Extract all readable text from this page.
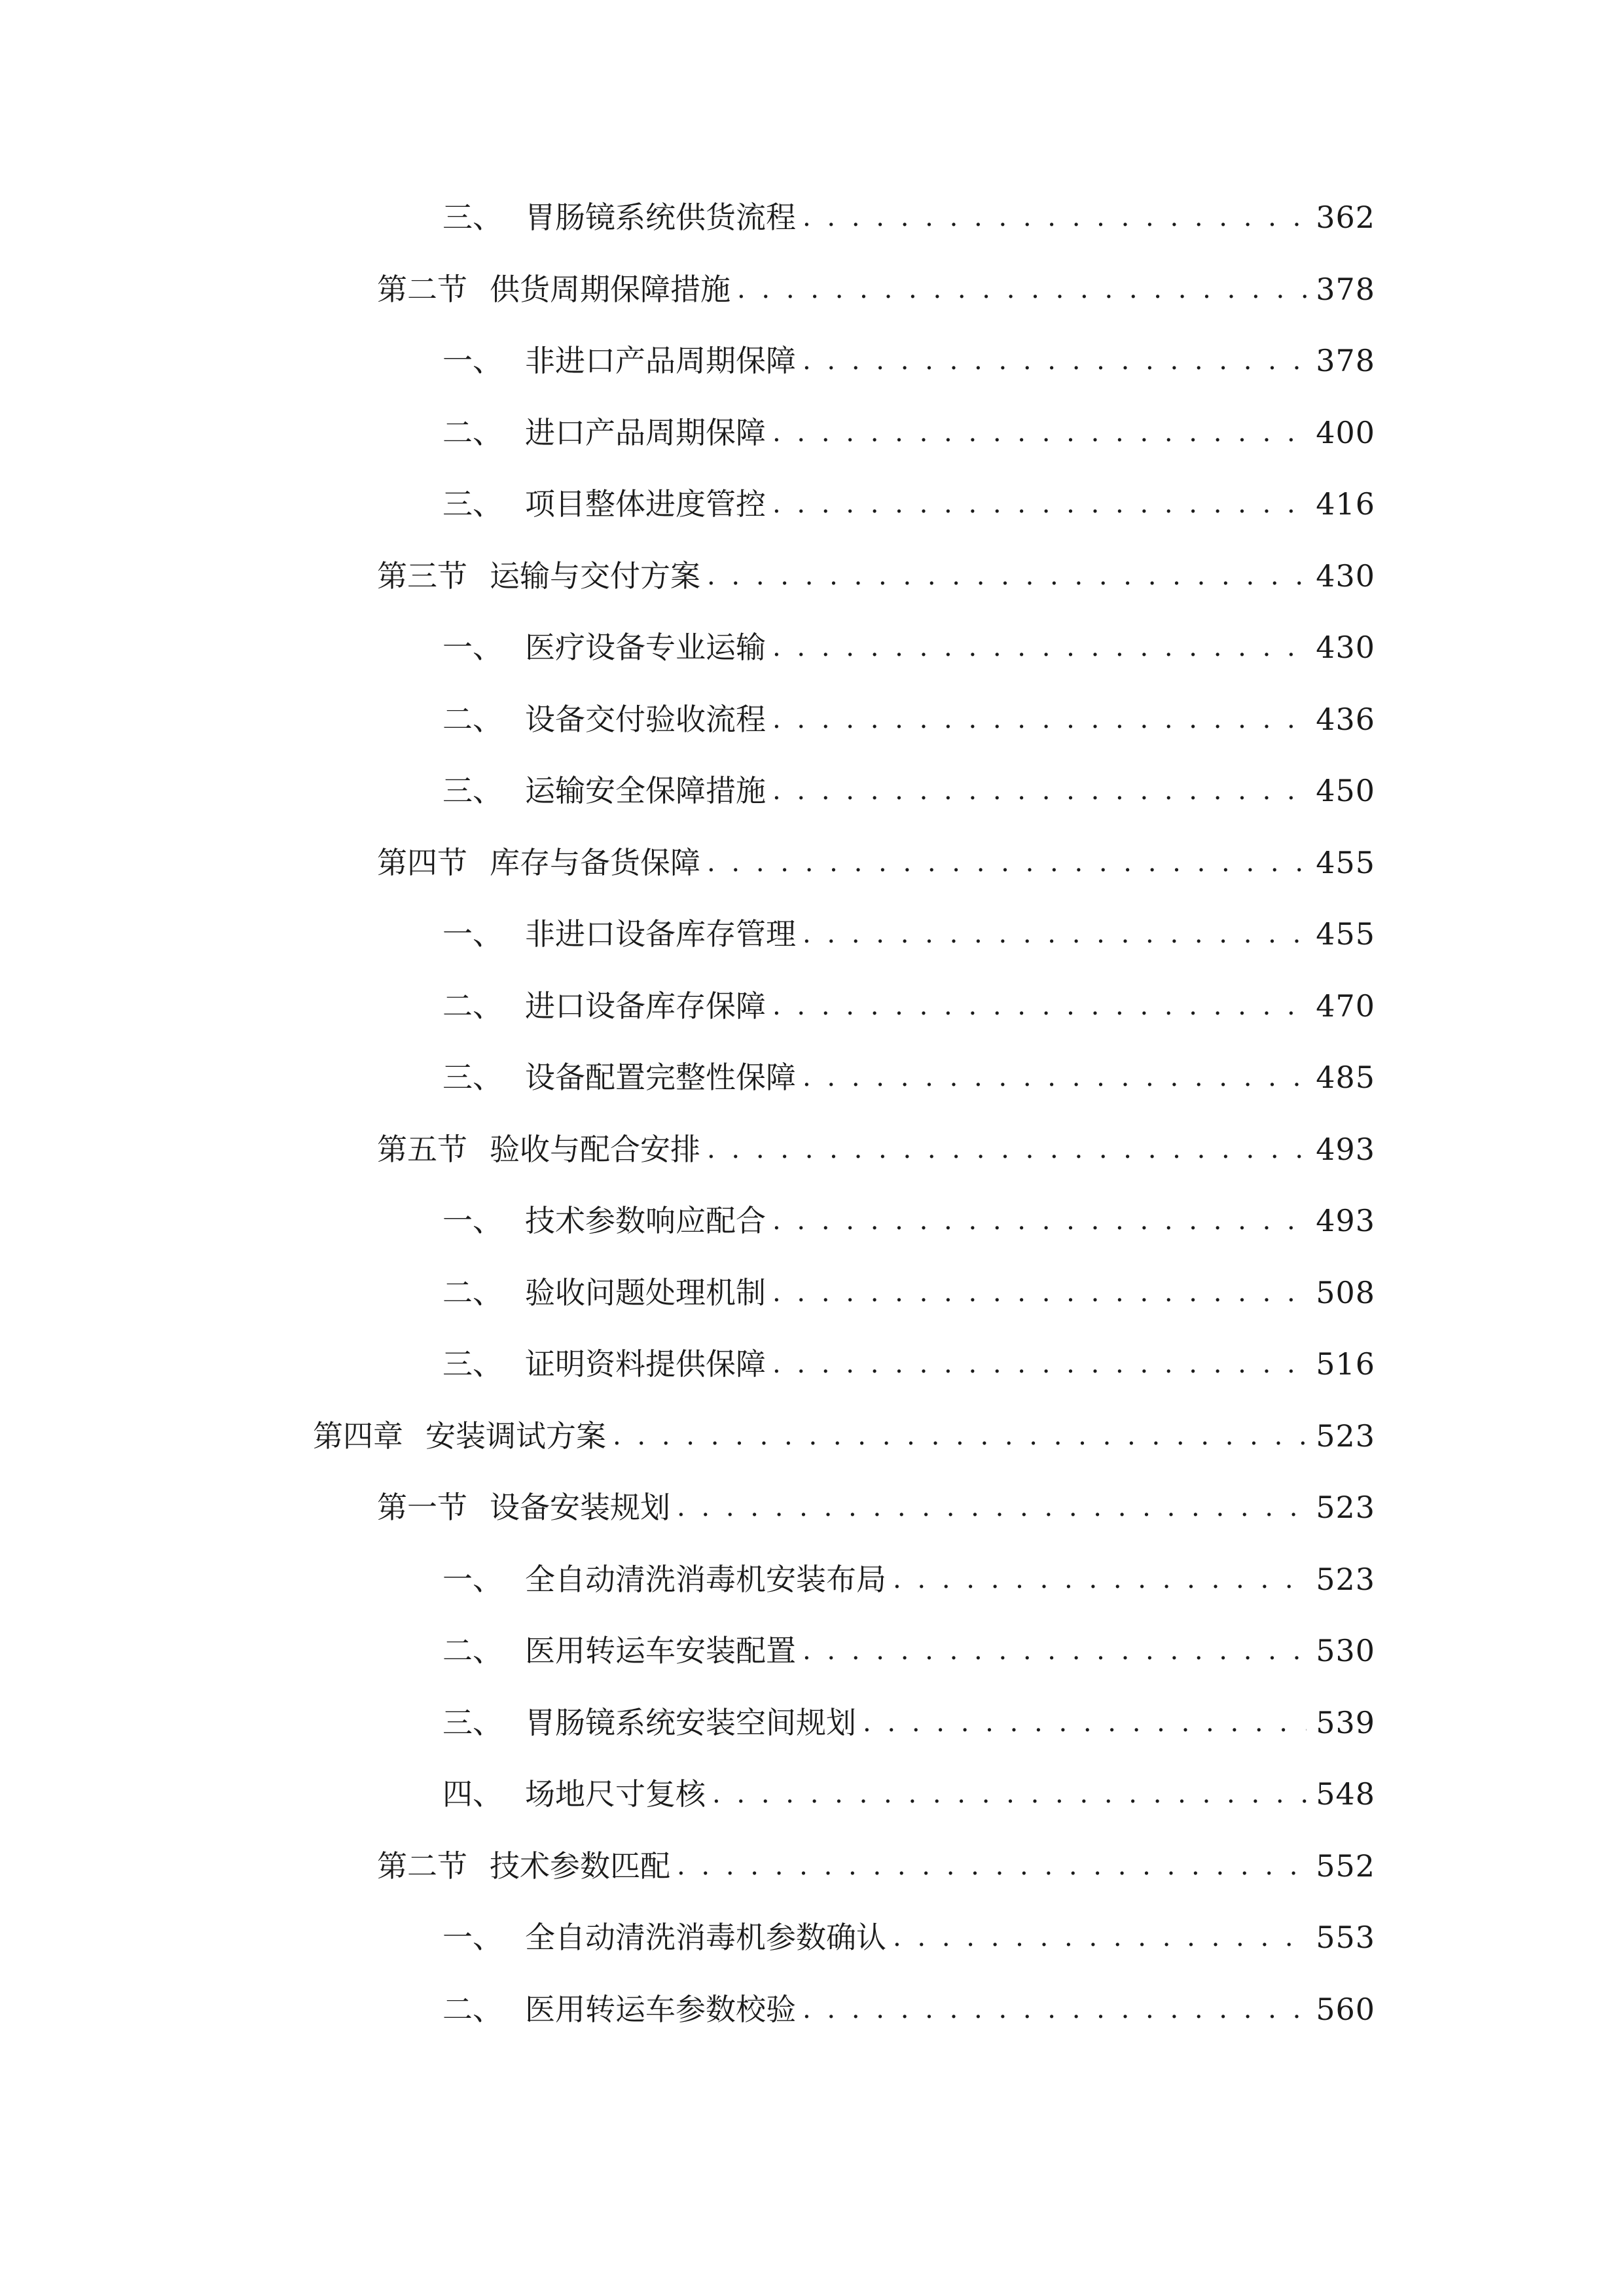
三、 胃肠镜系统供货流程 . . .	362
第二节 供货周期保障措施 . . .	378
一、 非进口产品周期保障 . . .	378
二、 进口产品周期保障 . . .	400
三、 项目整体进度管控 . . .	416
第三节 运输与交付方案 . . .	430
一、 医疗设备专业运输 . . .	430
二、 设备交付验收流程 . . .	436
三、 运输安全保障措施 . . .	450
第四节 库存与备货保障 . . .	455
一、 非进口设备库存管理 . . .	455
二、 进口设备库存保障 . . .	470
三、 设备配置完整性保障 . . .	485
第五节 验收与配合安排 . . .	493
一、 技术参数响应配合 . . .	493
二、 验收问题处理机制 . . .	508
三、 证明资料提供保障 . . .	516
第四章 安装调试方案 . . .	523
第一节 设备安装规划 . . .	523
一、 全自动清洗消毒机安装布局 . . .	523
二、 医用转运车安装配置 . . .	530
三、 胃肠镜系统安装空间规划 . . .	539
四、 场地尺寸复核 . . .	548
第二节 技术参数匹配 . . .	552
一、 全自动清洗消毒机参数确认 . . .	553
二、 医用转运车参数校验 . . .	560
